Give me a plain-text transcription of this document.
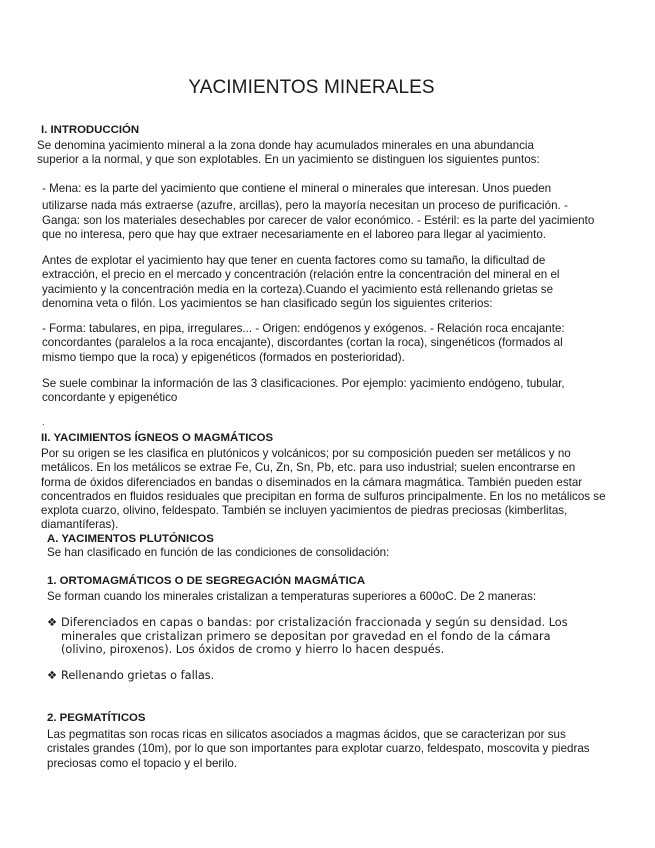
YACIMIENTOS MINERALES
I. INTRODUCCIÓN
Se denomina yacimiento mineral a la zona donde hay acumulados minerales en una abundancia
superior a la normal, y que son explotables. En un yacimiento se distinguen los siguientes puntos:
- Mena: es la parte del yacimiento que contiene el mineral o minerales que interesan. Unos pueden
utilizarse nada más extraerse (azufre, arcillas), pero la mayoría necesitan un proceso de purificación. -
Ganga: son los materiales desechables por carecer de valor económico. - Estéril: es la parte del yacimiento
que no interesa, pero que hay que extraer necesariamente en el laboreo para llegar al yacimiento.
Antes de explotar el yacimiento hay que tener en cuenta factores como su tamaño, la dificultad de
extracción, el precio en el mercado y concentración (relación entre la concentración del mineral en el
yacimiento y la concentración media en la corteza).Cuando el yacimiento está rellenando grietas se
denomina veta o filón. Los yacimientos se han clasificado según los siguientes criterios:
- Forma: tabulares, en pipa, irregulares... - Origen: endógenos y exógenos. - Relación roca encajante:
concordantes (paralelos a la roca encajante), discordantes (cortan la roca), singenéticos (formados al
mismo tiempo que la roca) y epigenéticos (formados en posterioridad).
Se suele combinar la información de las 3 clasificaciones. Por ejemplo: yacimiento endógeno, tubular,
concordante y epigenético
.
II. YACIMIENTOS ÍGNEOS O MAGMÁTICOS
Por su origen se les clasifica en plutónicos y volcánicos; por su composición pueden ser metálicos y no
metálicos. En los metálicos se extrae Fe, Cu, Zn, Sn, Pb, etc. para uso industrial; suelen encontrarse en
forma de óxidos diferenciados en bandas o diseminados en la cámara magmática. También pueden estar
concentrados en fluidos residuales que precipitan en forma de sulfuros principalmente. En los no metálicos se
explota cuarzo, olivino, feldespato. También se incluyen yacimientos de piedras preciosas (kimberlitas,
diamantíferas).
A. YACIMENTOS PLUTÓNICOS
Se han clasificado en función de las condiciones de consolidación:
1. ORTOMAGMÁTICOS O DE SEGREGACIÓN MAGMÁTICA
Se forman cuando los minerales cristalizan a temperaturas superiores a 600oC. De 2 maneras:
❖ Diferenciados en capas o bandas: por cristalización fraccionada y según su densidad. Los
minerales que cristalizan primero se depositan por gravedad en el fondo de la cámara
(olivino, piroxenos). Los óxidos de cromo y hierro lo hacen después.
❖ Rellenando grietas o fallas.
2. PEGMATÍTICOS
Las pegmatitas son rocas ricas en silicatos asociados a magmas ácidos, que se caracterizan por sus
cristales grandes (10m), por lo que son importantes para explotar cuarzo, feldespato, moscovita y piedras
preciosas como el topacio y el berilo.
